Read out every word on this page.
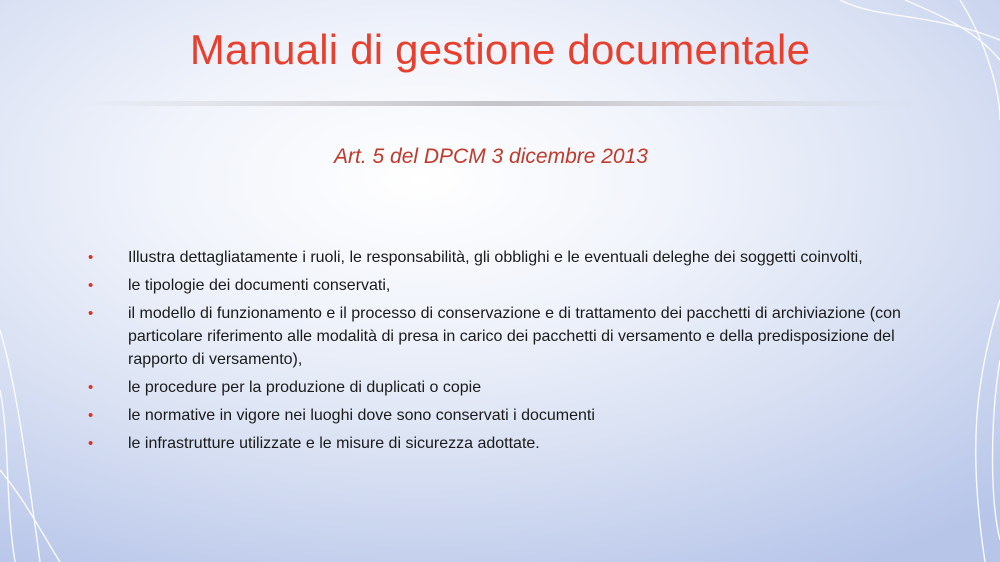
Manuali di gestione documentale
Art. 5 del DPCM 3 dicembre 2013
• Illustra dettagliatamente i ruoli, le responsabilità, gli obblighi e le eventuali deleghe dei soggetti coinvolti,
• le tipologie dei documenti conservati,
• il modello di funzionamento e il processo di conservazione e di trattamento dei pacchetti di archiviazione (con particolare riferimento alle modalità di presa in carico dei pacchetti di versamento e della predisposizione del rapporto di versamento),
• le procedure per la produzione di duplicati o copie
• le normative in vigore nei luoghi dove sono conservati i documenti
• le infrastrutture utilizzate e le misure di sicurezza adottate.
